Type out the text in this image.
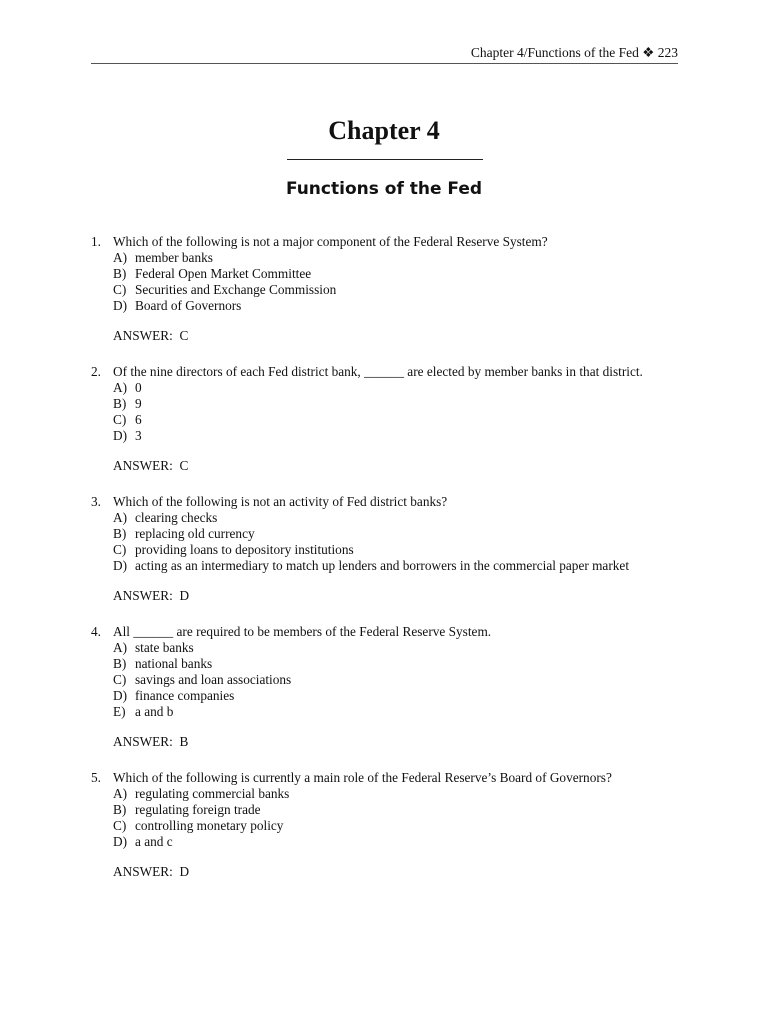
Chapter 4/Functions of the Fed ❖ 223
Chapter 4
Functions of the Fed
1. Which of the following is not a major component of the Federal Reserve System?
A) member banks
B) Federal Open Market Committee
C) Securities and Exchange Commission
D) Board of Governors
ANSWER:  C
2. Of the nine directors of each Fed district bank, ______ are elected by member banks in that district.
A) 0
B) 9
C) 6
D) 3
ANSWER:  C
3. Which of the following is not an activity of Fed district banks?
A) clearing checks
B) replacing old currency
C) providing loans to depository institutions
D) acting as an intermediary to match up lenders and borrowers in the commercial paper market
ANSWER:  D
4. All ______ are required to be members of the Federal Reserve System.
A) state banks
B) national banks
C) savings and loan associations
D) finance companies
E) a and b
ANSWER:  B
5. Which of the following is currently a main role of the Federal Reserve’s Board of Governors?
A) regulating commercial banks
B) regulating foreign trade
C) controlling monetary policy
D) a and c
ANSWER:  D
